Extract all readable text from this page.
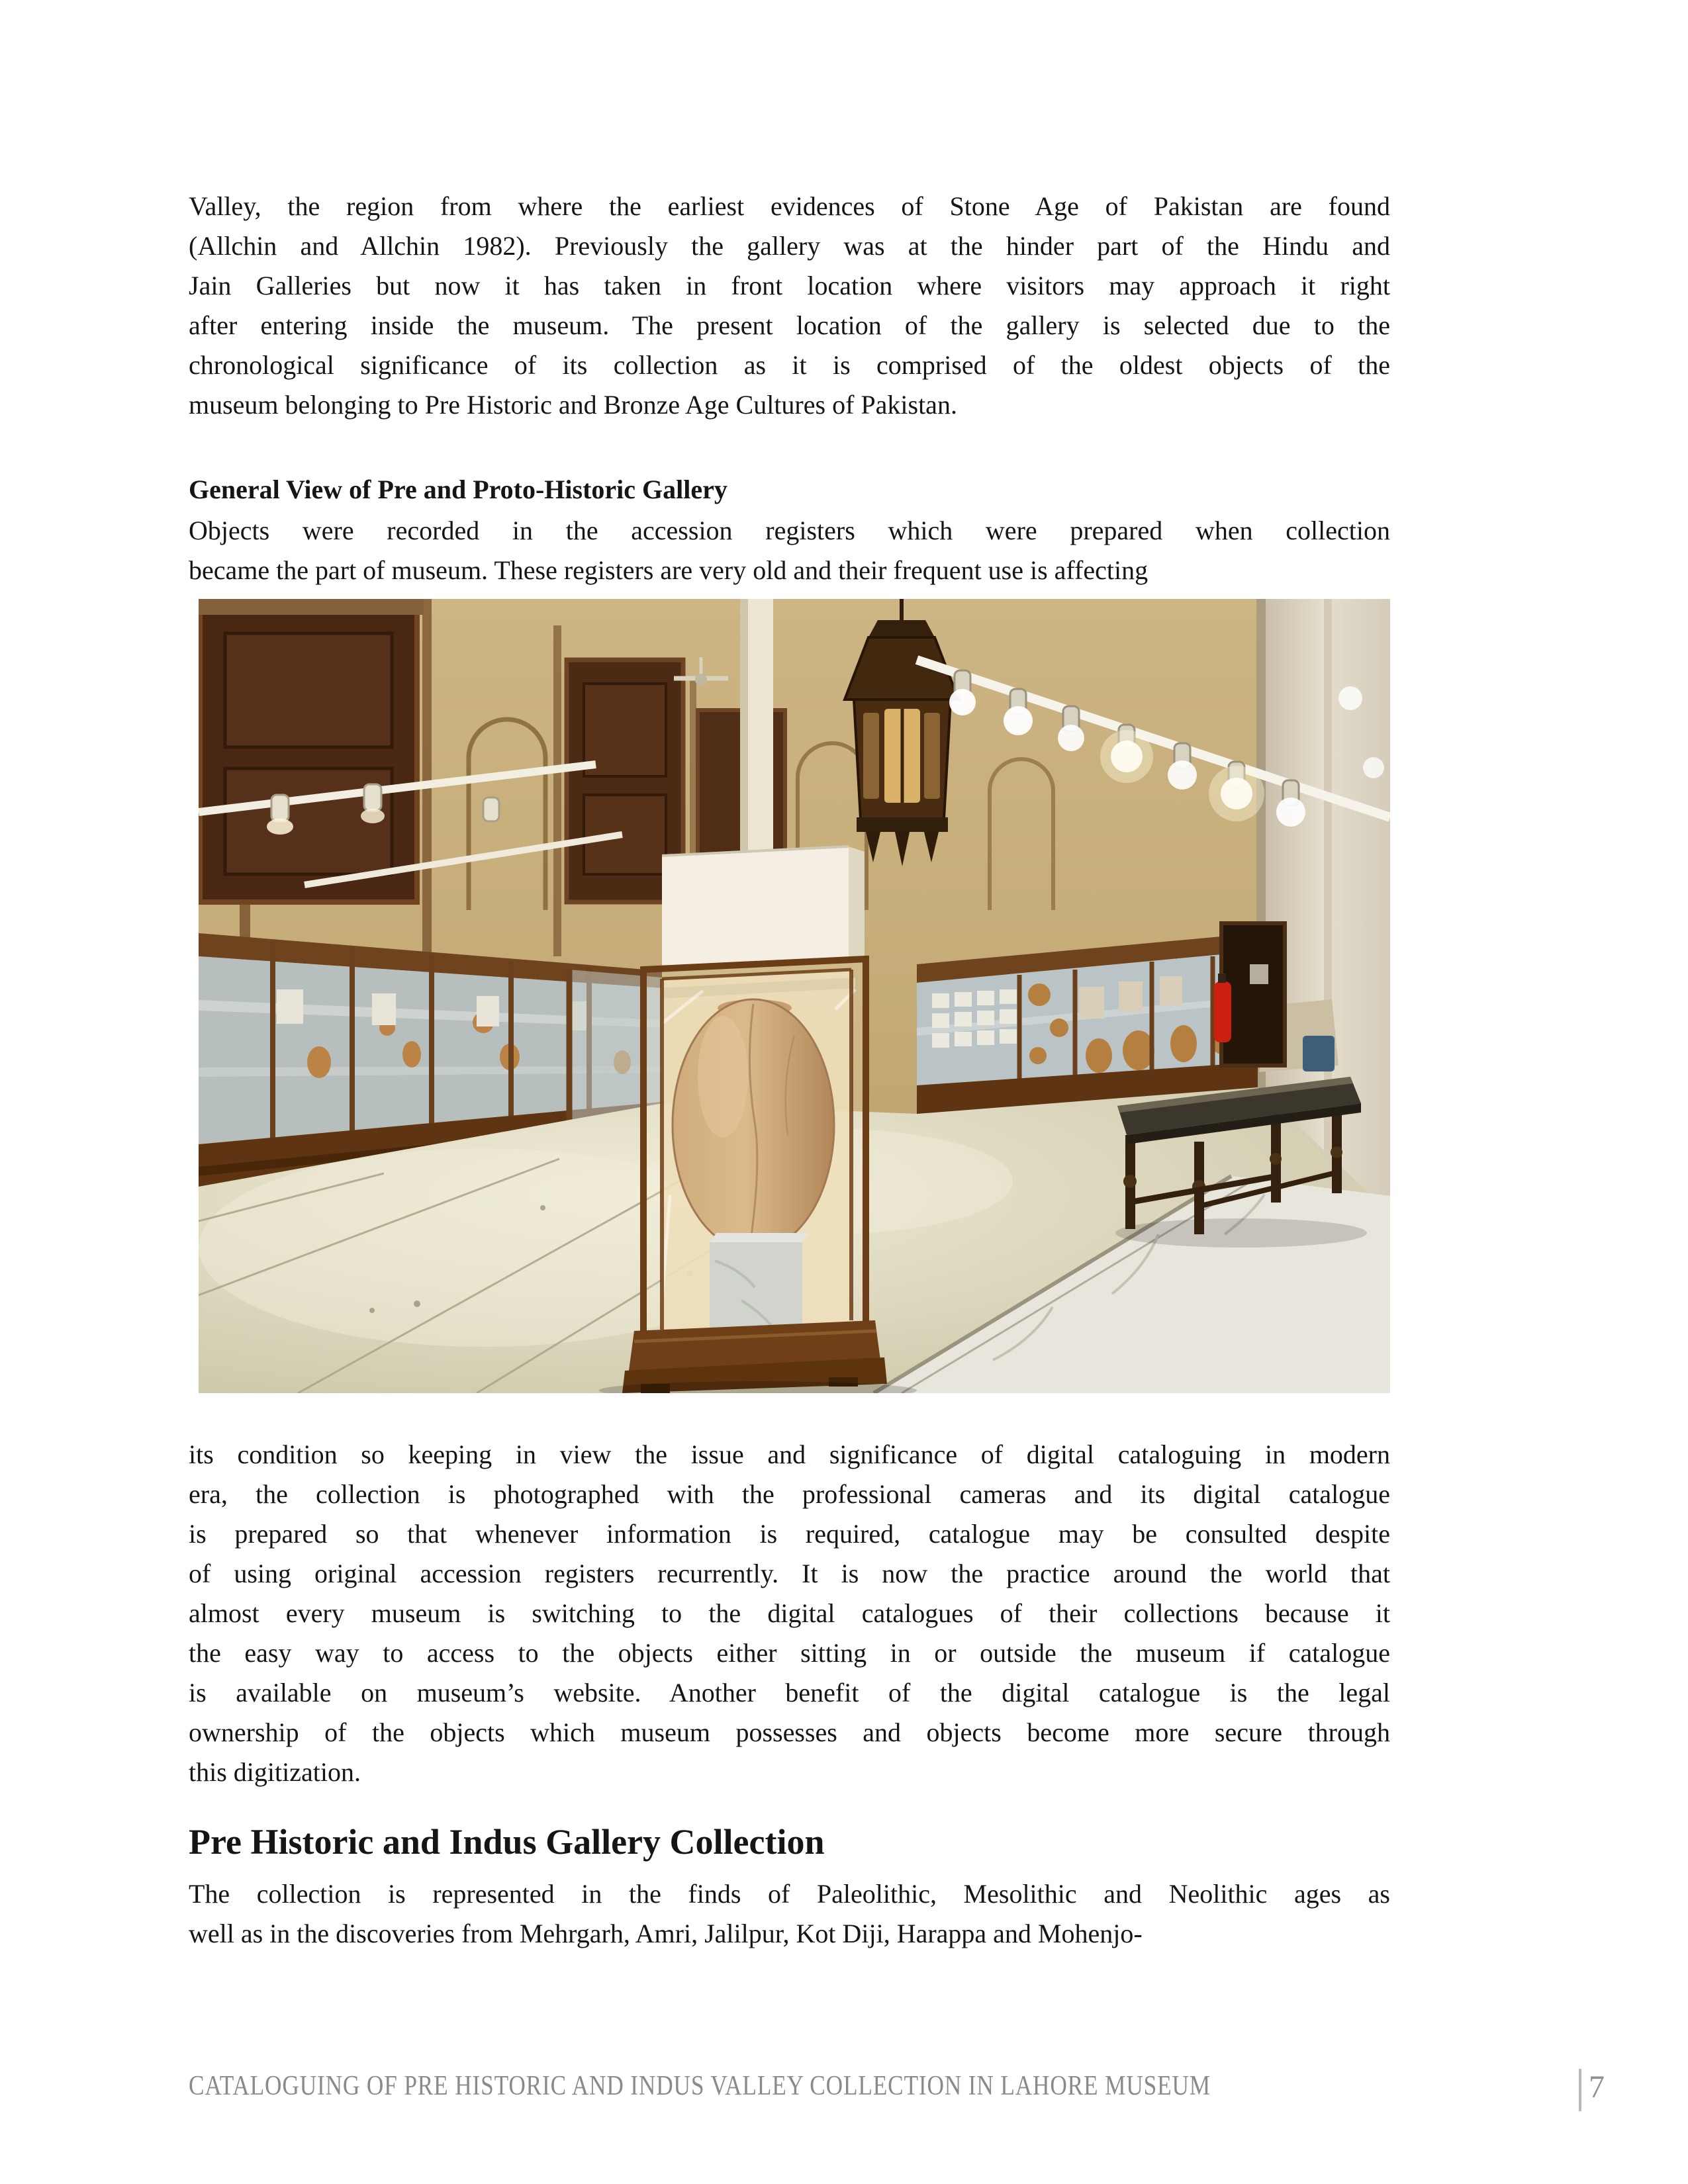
Valley, the region from where the earliest evidences of Stone Age of Pakistan are found
(Allchin and Allchin 1982). Previously the gallery was at the hinder part of the Hindu and
Jain Galleries but now it has taken in front location where visitors may approach it right
after entering inside the museum. The present location of the gallery is selected due to the
chronological significance of its collection as it is comprised of the oldest objects of the
museum belonging to Pre Historic and Bronze Age Cultures of Pakistan.
General View of Pre and Proto-Historic Gallery
Objects were recorded in the accession registers which were prepared when collection
became the part of museum. These registers are very old and their frequent use is affecting
its condition so keeping in view the issue and significance of digital cataloguing in modern
era, the collection is photographed with the professional cameras and its digital catalogue
is prepared so that whenever information is required, catalogue may be consulted despite
of using original accession registers recurrently. It is now the practice around the world that
almost every museum is switching to the digital catalogues of their collections because it
the easy way to access to the objects either sitting in or outside the museum if catalogue
is available on museum’s website. Another benefit of the digital catalogue is the legal
ownership of the objects which museum possesses and objects become more secure through
this digitization.
Pre Historic and Indus Gallery Collection
The collection is represented in the finds of Paleolithic, Mesolithic and Neolithic ages as
well as in the discoveries from Mehrgarh, Amri, Jalilpur, Kot Diji, Harappa and Mohenjo-
CATALOGUING OF PRE HISTORIC AND INDUS VALLEY COLLECTION IN LAHORE MUSEUM	7
